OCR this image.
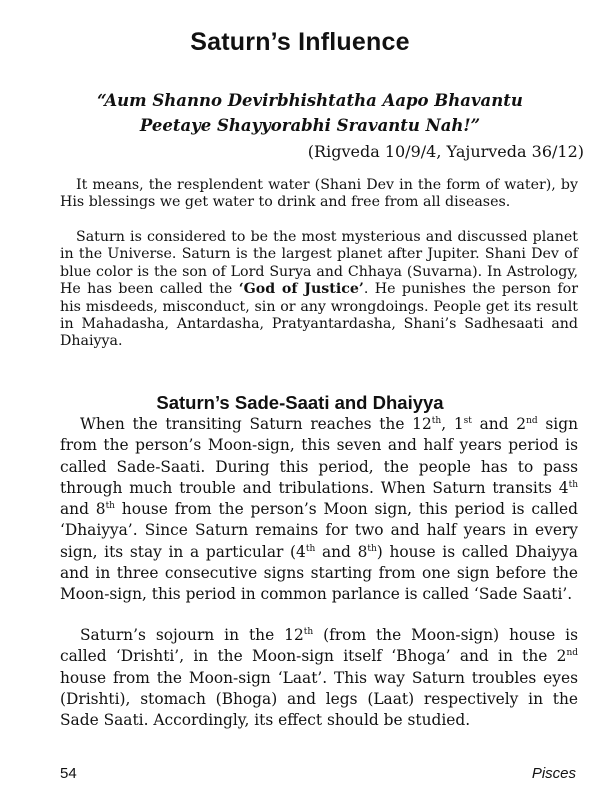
Saturn’s Influence
“Aum Shanno Devirbhishtatha Aapo Bhavantu
Peetaye Shayyorabhi Sravantu Nah!”
(Rigveda 10/9/4, Yajurveda 36/12)

It means, the resplendent water (Shani Dev in the form of water), by His blessings we get water to drink and free from all diseases.

Saturn is considered to be the most mysterious and discussed planet in the Universe. Saturn is the largest planet after Jupiter. Shani Dev of blue color is the son of Lord Surya and Chhaya (Suvarna). In Astrology, He has been called the ‘God of Justice’. He punishes the person for his misdeeds, misconduct, sin or any wrongdoings. People get its result in Mahadasha, Antardasha, Pratyantardasha, Shani’s Sadhesaati and Dhaiyya.

Saturn’s Sade-Saati and Dhaiyya

When the transiting Saturn reaches the 12th, 1st and 2nd sign from the person’s Moon-sign, this seven and half years period is called Sade-Saati. During this period, the people has to pass through much trouble and tribulations. When Saturn transits 4th and 8th house from the person’s Moon sign, this period is called ‘Dhaiyya’. Since Saturn remains for two and half years in every sign, its stay in a particular (4th and 8th) house is called Dhaiyya and in three consecutive signs starting from one sign before the Moon-sign, this period in common parlance is called ‘Sade Saati’.

Saturn’s sojourn in the 12th (from the Moon-sign) house is called ‘Drishti’, in the Moon-sign itself ‘Bhoga’ and in the 2nd house from the Moon-sign ‘Laat’. This way Saturn troubles eyes (Drishti), stomach (Bhoga) and legs (Laat) respectively in the Sade Saati. Accordingly, its effect should be studied.

54	Pisces
